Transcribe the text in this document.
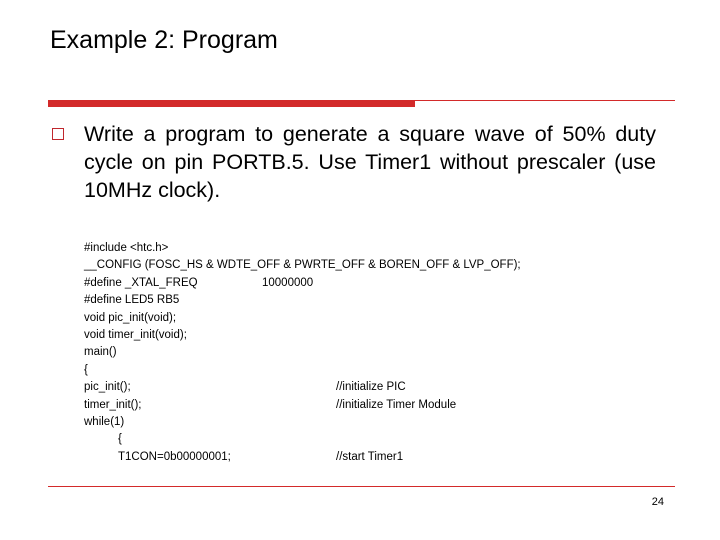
Example 2: Program
Write a program to generate a square wave of 50% duty cycle on pin PORTB.5. Use Timer1 without prescaler (use 10MHz clock).
#include <htc.h>
__CONFIG (FOSC_HS & WDTE_OFF & PWRTE_OFF & BOREN_OFF & LVP_OFF);
#define _XTAL_FREQ	10000000
#define LED5 RB5
void pic_init(void);
void timer_init(void);
main()
{
pic_init();	//initialize PIC
timer_init();	//initialize Timer Module
while(1)
{
T1CON=0b00000001;	//start Timer1
24
